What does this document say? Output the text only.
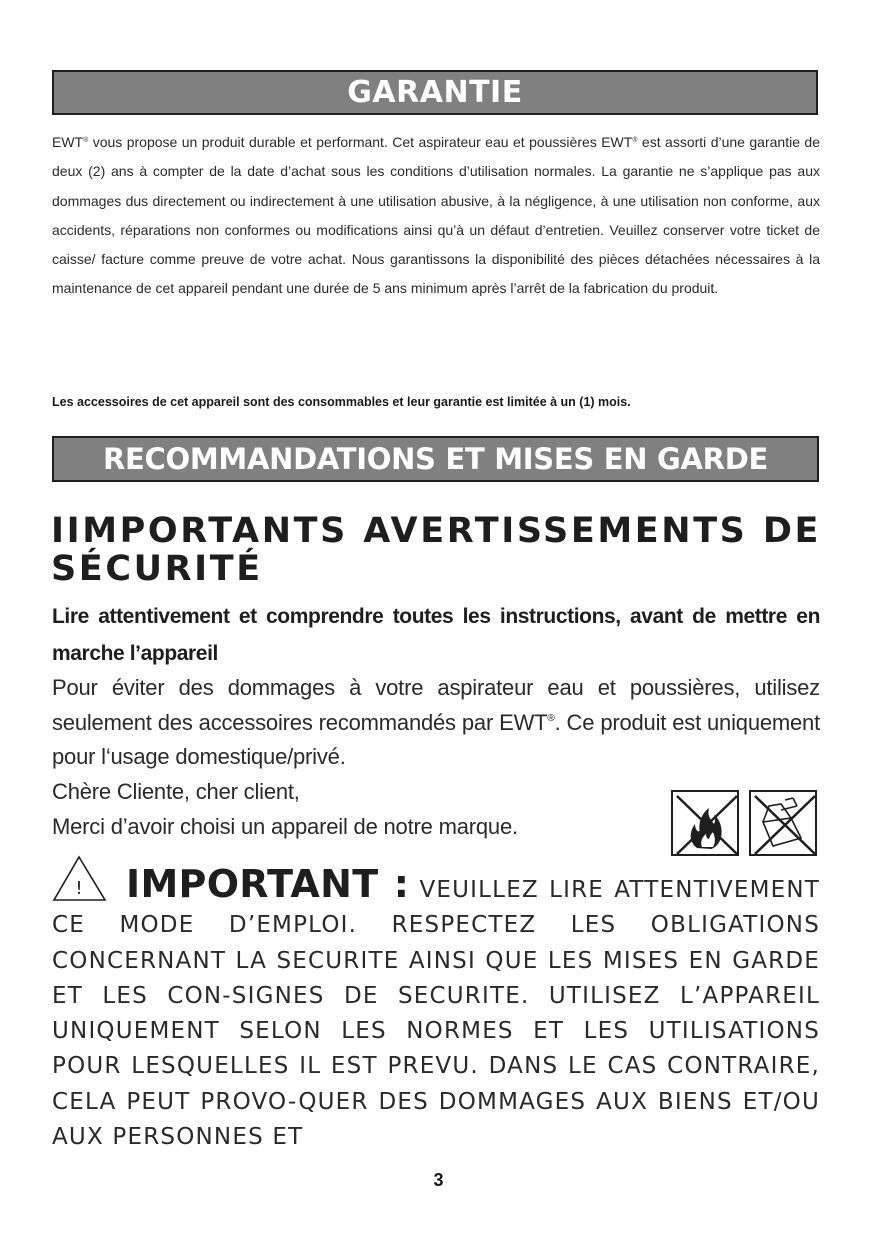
GARANTIE

EWT® vous propose un produit durable et performant. Cet aspirateur eau et poussières EWT® est assorti d’une garantie de deux (2) ans à compter de la date d’achat sous les conditions d’utilisation normales. La garantie ne s’applique pas aux dommages dus directement ou indirectement à une utilisation abusive, à la négligence, à une utilisation non conforme, aux accidents, réparations non conformes ou modifications ainsi qu’à un défaut d’entretien. Veuillez conserver votre ticket de caisse/ facture comme preuve de votre achat. Nous garantissons la disponibilité des pièces détachées nécessaires à la maintenance de cet appareil pendant une durée de 5 ans minimum après l’arrêt de la fabrication du produit.

Les accessoires de cet appareil sont des consommables et leur garantie est limitée à un (1) mois.

RECOMMANDATIONS ET MISES EN GARDE
IIMPORTANTS AVERTISSEMENTS DE SÉCURITÉ

Lire attentivement et comprendre toutes les instructions, avant de mettre en marche l’appareil

Pour éviter des dommages à votre aspirateur eau et poussières, utilisez seulement des accessoires recommandés par EWT®. Ce produit est uniquement pour l‘usage domestique/privé.

Chère Cliente, cher client,

Merci d’avoir choisi un appareil de notre marque.

IMPORTANT : VEUILLEZ LIRE ATTENTIVEMENT CE MODE D’EMPLOI. RESPECTEZ LES OBLIGATIONS CONCERNANT LA SECURITE AINSI QUE LES MISES EN GARDE ET LES CON-SIGNES DE SECURITE. UTILISEZ L’APPAREIL UNIQUEMENT SELON LES NORMES ET LES UTILISATIONS POUR LESQUELLES IL EST PREVU. DANS LE CAS CONTRAIRE, CELA PEUT PROVO-QUER DES DOMMAGES AUX BIENS ET/OU AUX PERSONNES ET

!
3
